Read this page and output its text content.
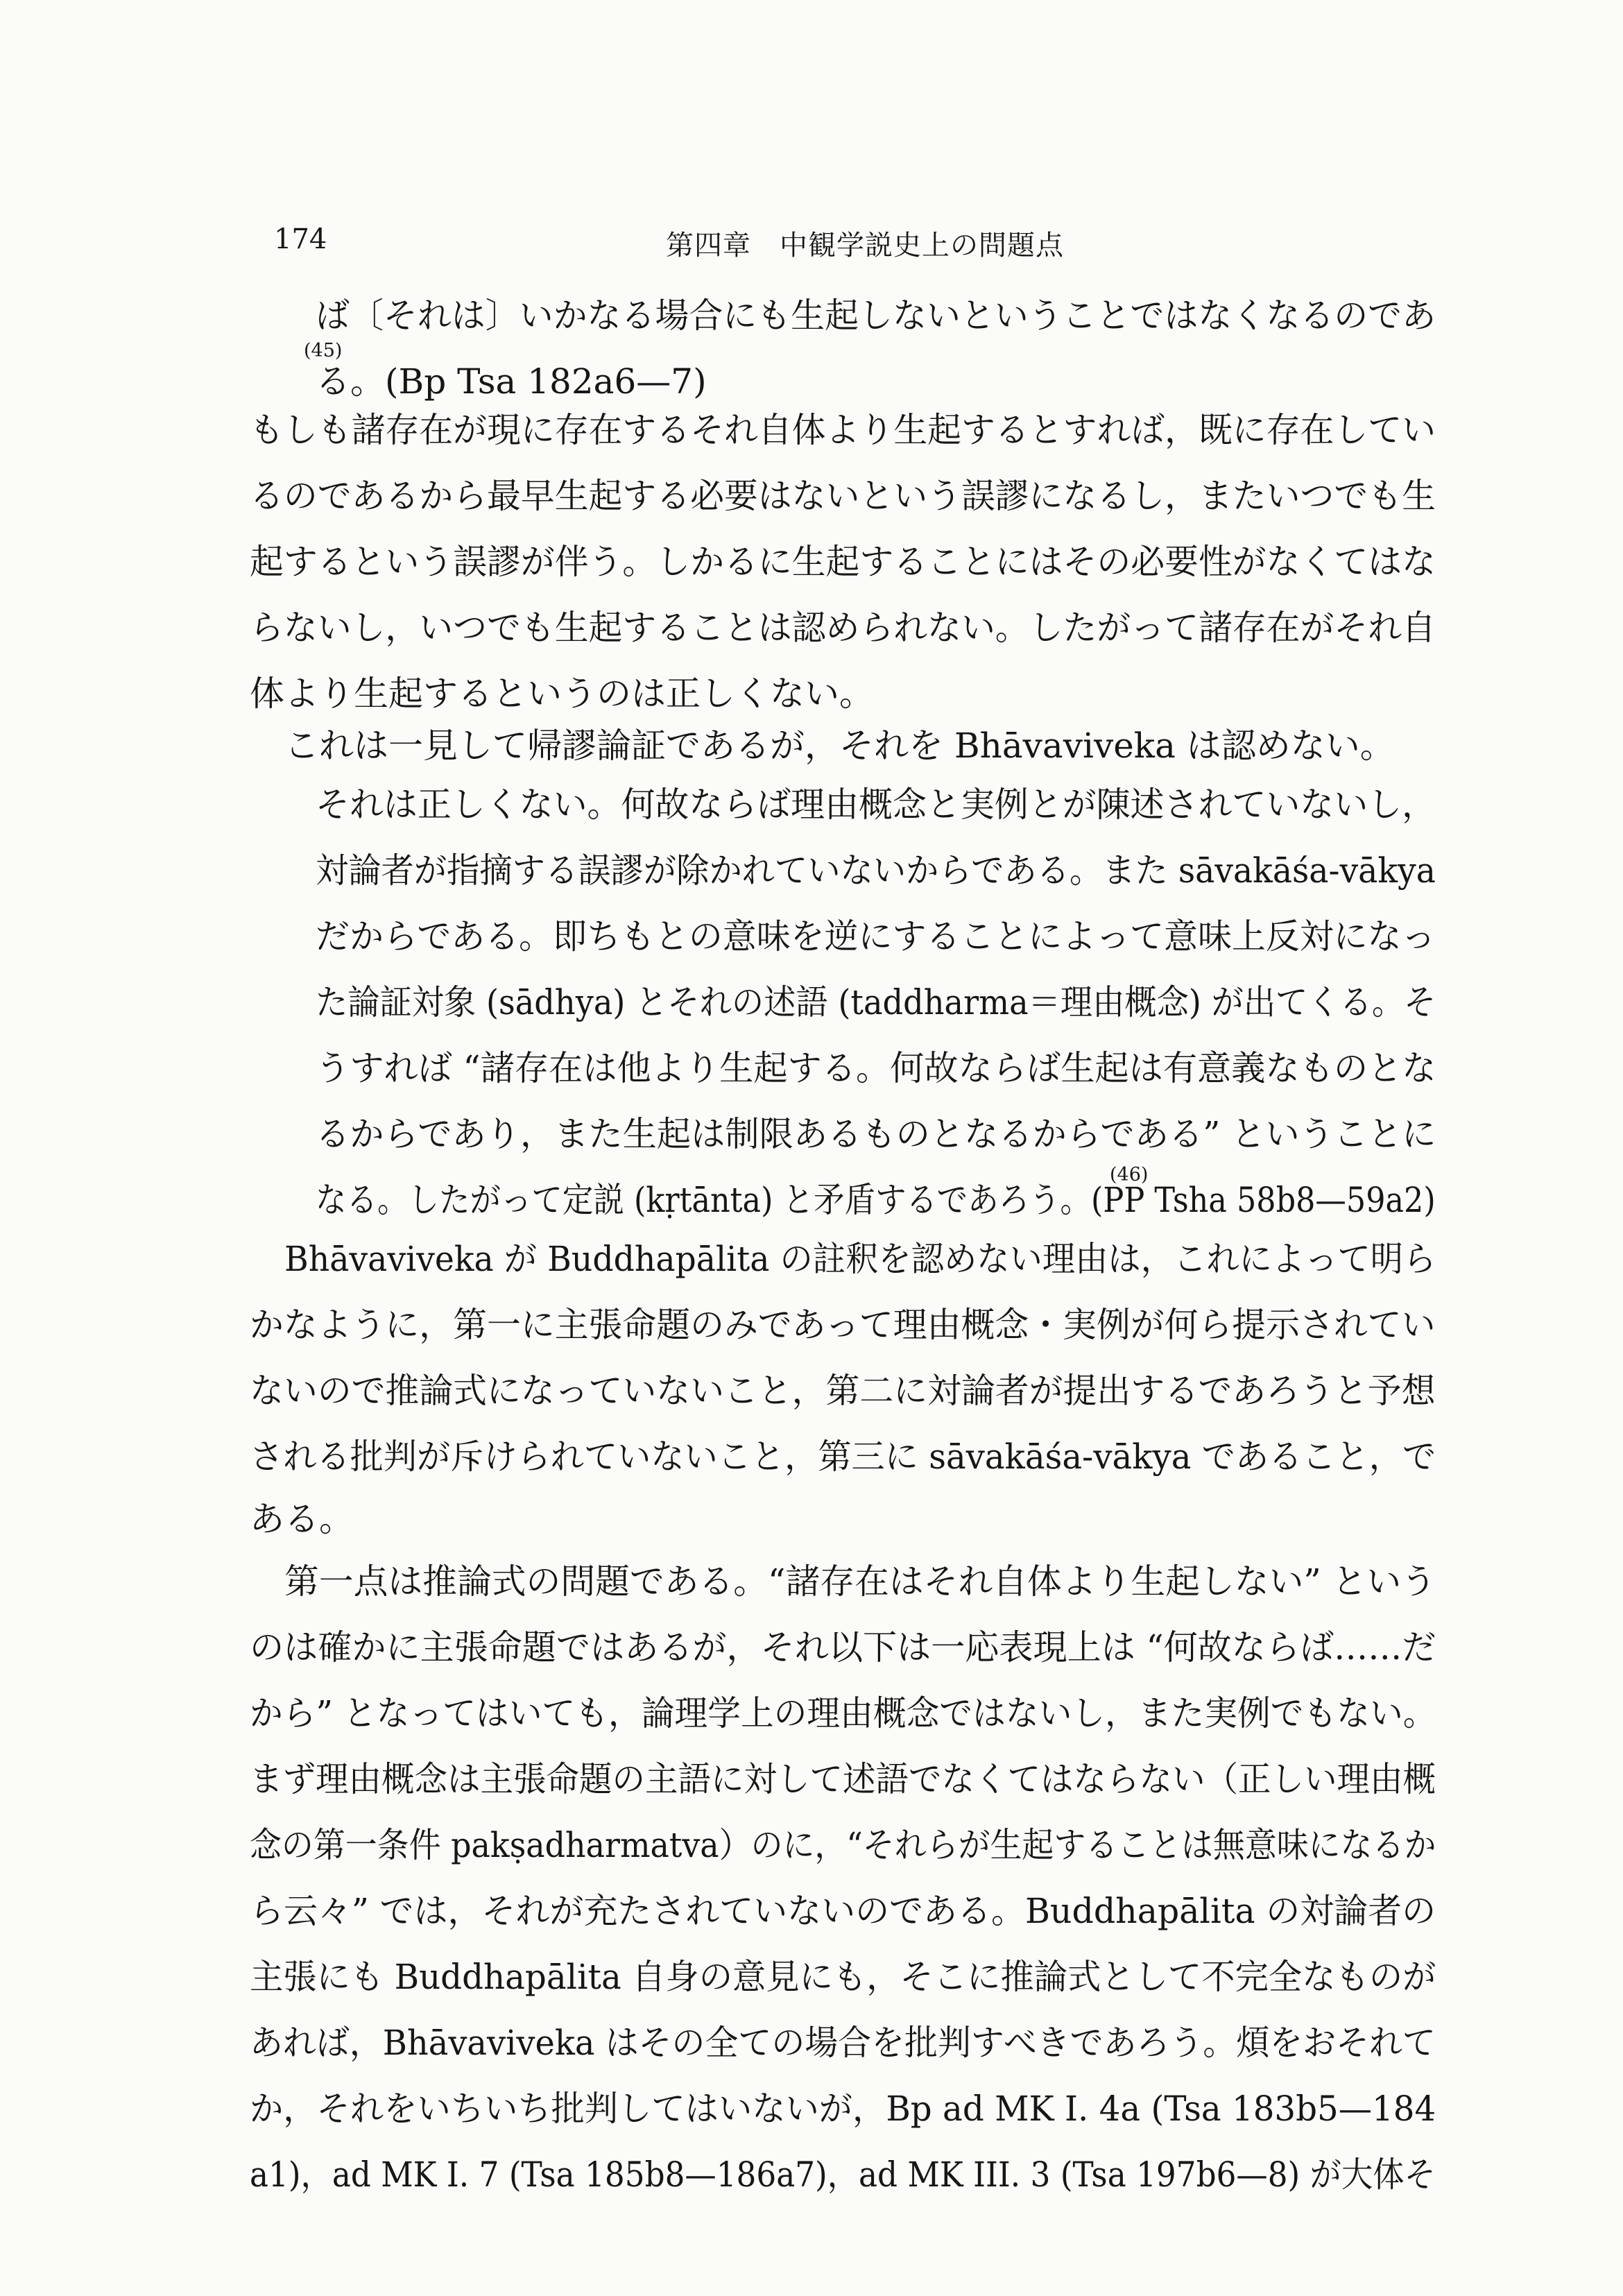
174	第四章　中観学説史上の問題点
ば〔それは〕いかなる場合にも生起しないということではなくなるのであ
(45)
る。(Bp Tsa 182a6—7)
もしも諸存在が現に存在するそれ自体より生起するとすれば，既に存在してい
るのであるから最早生起する必要はないという誤謬になるし，またいつでも生
起するという誤謬が伴う。しかるに生起することにはその必要性がなくてはな
らないし，いつでも生起することは認められない。したがって諸存在がそれ自
体より生起するというのは正しくない。
これは一見して帰謬論証であるが，それを Bhāvaviveka は認めない。
それは正しくない。何故ならば理由概念と実例とが陳述されていないし，
対論者が指摘する誤謬が除かれていないからである。また sāvakāśa-vākya
だからである。即ちもとの意味を逆にすることによって意味上反対になっ
た論証対象 (sādhya) とそれの述語 (taddharma＝理由概念) が出てくる。そ
うすれば “諸存在は他より生起する。何故ならば生起は有意義なものとな
るからであり，また生起は制限あるものとなるからである” ということに
(46)
なる。したがって定説 (kṛtānta) と矛盾するであろう。(PP Tsha 58b8—59a2)
Bhāvaviveka が Buddhapālita の註釈を認めない理由は，これによって明ら
かなように，第一に主張命題のみであって理由概念・実例が何ら提示されてい
ないので推論式になっていないこと，第二に対論者が提出するであろうと予想
される批判が斥けられていないこと，第三に sāvakāśa-vākya であること，で
ある。
第一点は推論式の問題である。“諸存在はそれ自体より生起しない” という
のは確かに主張命題ではあるが，それ以下は一応表現上は “何故ならば……だ
から” となってはいても，論理学上の理由概念ではないし，また実例でもない。
まず理由概念は主張命題の主語に対して述語でなくてはならない（正しい理由概
念の第一条件 pakṣadharmatva）のに，“それらが生起することは無意味になるか
ら云々” では，それが充たされていないのである。Buddhapālita の対論者の
主張にも Buddhapālita 自身の意見にも，そこに推論式として不完全なものが
あれば，Bhāvaviveka はその全ての場合を批判すべきであろう。煩をおそれて
か，それをいちいち批判してはいないが，Bp ad MK I. 4a (Tsa 183b5—184
a1)，ad MK I. 7 (Tsa 185b8—186a7)，ad MK III. 3 (Tsa 197b6—8) が大体そ
